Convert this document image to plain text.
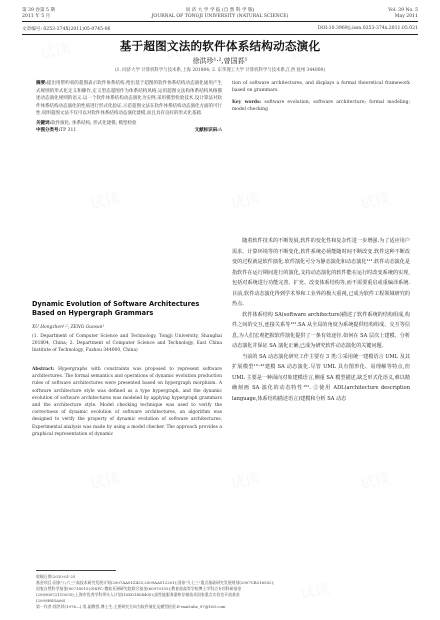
第 39 卷第 5 期
2011 年 5 月
同 济 大 学 学 报 (自 然 科 学 版)
JOURNAL OF TONGJI UNIVERSITY (NATURAL SCIENCE)
Vol. 39 No. 5
May 2011
文章编号: 0253-374X(2011)05-0745-06	DOI:10.3969/j.issn.0253-374x.2011.05.021
基于超图文法的软件体系结构动态演化
徐洪珍¹·²,曾国荪¹
(1. 同济大学 计算机科学与技术系,上海 201804; 2. 东华理工大学 计算机科学与技术系,江西 抚州 344000)
摘要:提出用带约束的超图表示软件体系结构,给出基于超图的软件体系结构动态演化通用产生式规则的形式化定义和操作,定义型态超图作为体系结构风格,运用超图文法和体系结构风格描述动态演化规则的语义.以一个软件体系结构动态演化为实例,采用模型检验技术,设计算法对软件体系结构动态演化的性质进行形式化验证,示范超图文法在软件体系结构动态演化方面的可行性.说明超图文法不仅可以对软件体系结构动态演化建模,而且具有良好的形式化基础.
关键词:软件演化; 体系结构; 形式化建模; 模型检验
中图分类号:TP 311	文献标识码:A
tion of software architectures, and displays a formal theoretical framework based on grammars.
Key words: software evolution; software architecture; formal modeling; model checking
Dynamic Evolution of Software Architectures Based on Hypergraph Grammars
XU Hongzhen¹·², ZENG Guosun¹
(1. Department of Computer Science and Technology, Tongji University, Shanghai 201804, China; 2. Department of Computer Science and Technology, East China Institute of Technology, Fuzhou 344000, China)
Abstract: Hypergraphs with constraints was proposed to represent software architectures. The formal semantics and operations of dynamic evolution production rules of software architectures were presented based on hypergraph morphism. A software architecture style was defined as a type hypergraph, and the dynamic evolution of software architectures was modeled by applying hypergraph grammars and the architecture style. Model checking technique was used to verify the correctness of dynamic evolution of software architectures, an algorithm was designed to verify the property of dynamic evolution of software architectures. Experimental analysis was made by using a model checker. The approach provides a graphical representation of dynamic

随着软件技术的不断发展,软件的变化性和复杂性进一步增强.为了适应用户需求、计算环境等的不断变化,软件系统必须能随时间不断改变.软件这种不断改变的过程就是软件演化.软件演化可分为静态演化和动态演化¹¹¹.软件动态演化是指软件在运行期间进行的演化,支持动态演化的软件能在运行时改变系统的实现,包括对系统进行功能完善、扩充、改变体系结构等,而不需要重启或重编译系统.目前,软件动态演化得到学术界和工业界的极大重视,已成为软件工程领域研究的热点.

软件体系结构 SA(software architecture)描述了软件系统的结构组成,构件之间的交互,连接关系等¹²¹.SA 从全局的角度为系统提供结构组成、交互等信息,为人们宏观把握软件演化提供了一条有效途径.如何在 SA 层次上建模、分析动态演化并保证 SA 演化正确,已成为研究软件动态演化的关键问题.

当前的 SA 动态演化研究工作主要有 3 类:①采用统一建模语言 UML 及其扩展模型¹³⁻⁴¹建模 SA 动态演化.尽管 UML 具有图形化、易理解等特点,但 UML 主要是一种面向对象建模语言,侧重 SA 模型描述,缺乏形式化语义,难以精确刻画 SA 演化的动态特性¹⁵¹. ②使用 ADL(architecture description language,体系结构描述语言)建模和分析 SA 动态

收稿日期:2010-01-25
基金项目:国家"八六三"高技术研究发展计划(2007AA01Z425,2009AA012201);国家"九七三"重点基础研究发展规划(2007CB316502);
国家自然科学基金(90718015);NSFC-微软亚洲研究院联合基金(60970155);教育部高等学校博士学科点专项科研基金
(20090072110035);上海市优秀学科带头人计划(10XD1404400);高性能服务器和存储技术国家重点实验室开放基金
(2009HSSA06)
第一作者:徐洪珍(1976—),男,副教授,博士生,主要研究方向为软件演化及模型检验.E-mail:xhz_97@163.com
